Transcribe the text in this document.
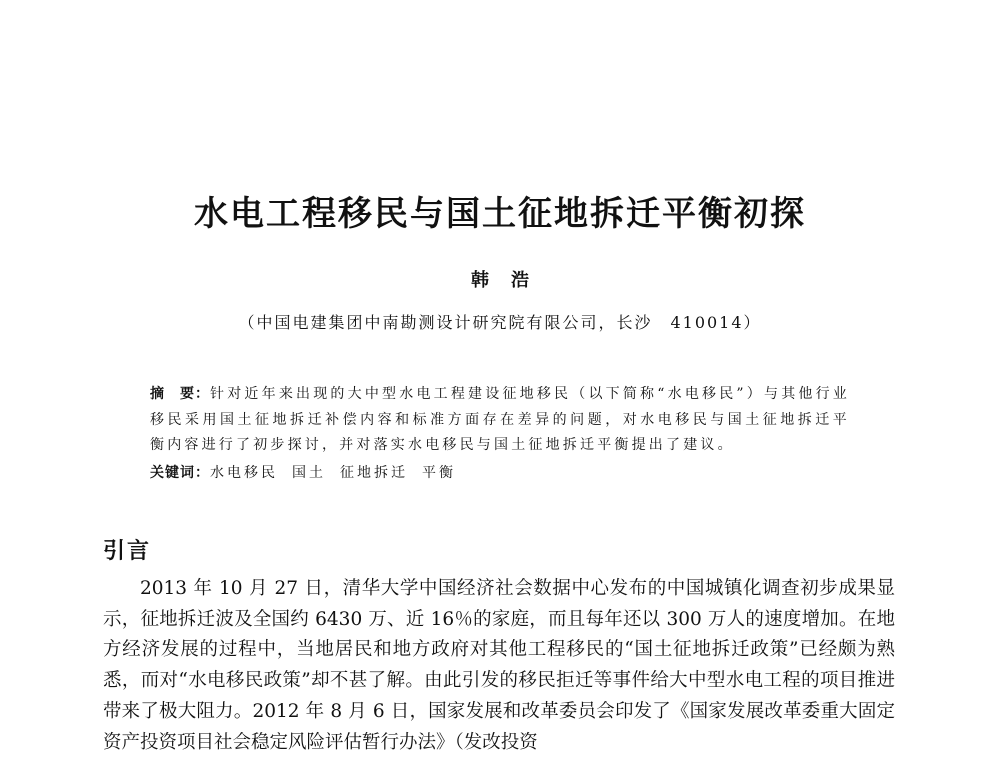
水电工程移民与国土征地拆迁平衡初探
韩浩
（中国电建集团中南勘测设计研究院有限公司，长沙　410014）
摘　要：针对近年来出现的大中型水电工程建设征地移民（以下简称“水电移民”）与其他行业移民采用国土征地拆迁补偿内容和标准方面存在差异的问题，对水电移民与国土征地拆迁平衡内容进行了初步探讨，并对落实水电移民与国土征地拆迁平衡提出了建议。
关键词：水电移民 国土 征地拆迁 平衡
引言

2013 年 10 月 27 日，清华大学中国经济社会数据中心发布的中国城镇化调查初步成果显示，征地拆迁波及全国约 6430 万、近 16％的家庭，而且每年还以 300 万人的速度增加。在地方经济发展的过程中，当地居民和地方政府对其他工程移民的“国土征地拆迁政策”已经颇为熟悉，而对“水电移民政策”却不甚了解。由此引发的移民拒迁等事件给大中型水电工程的项目推进带来了极大阻力。2012 年 8 月 6 日，国家发展和改革委员会印发了《国家发展改革委重大固定资产投资项目社会稳定风险评估暂行办法》（发改投资
